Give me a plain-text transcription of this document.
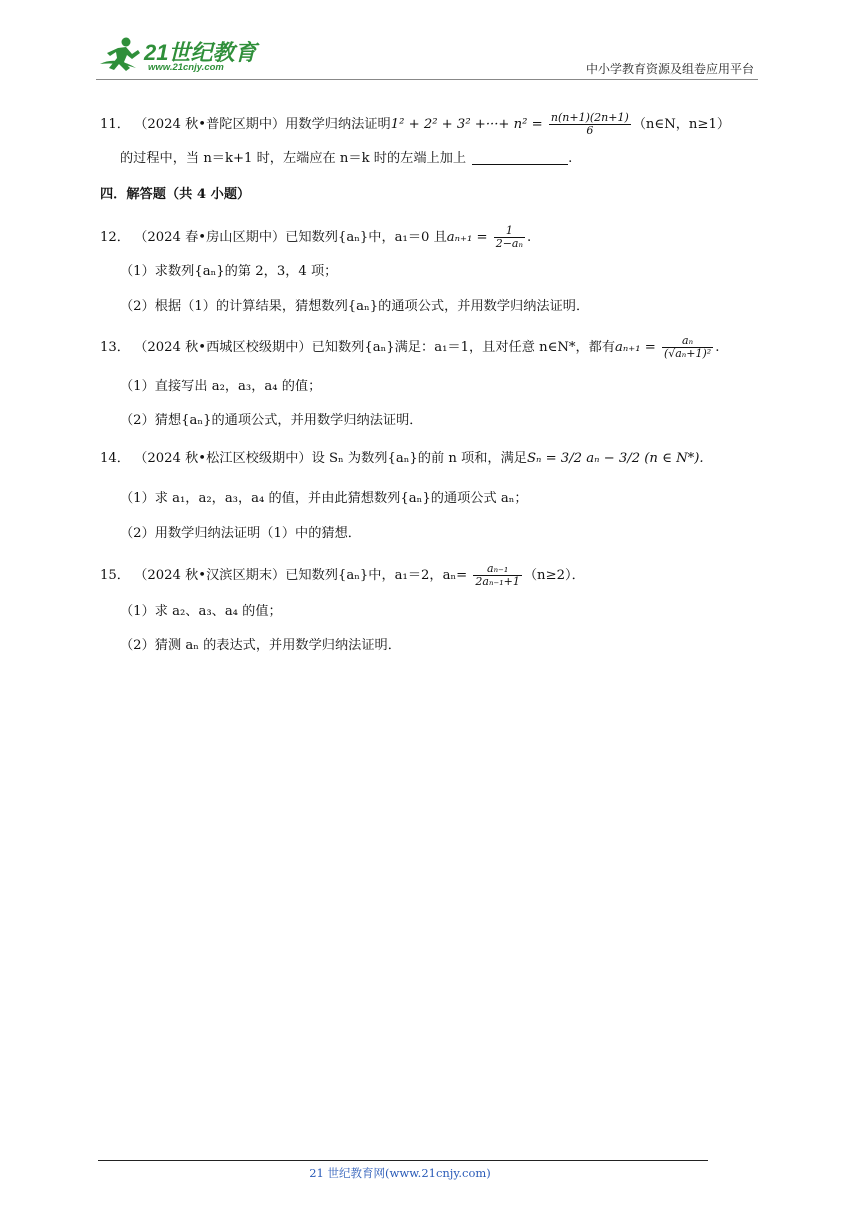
21世纪教育
www.21cnjy.com	中小学教育资源及组卷应用平台
11． （2024 秋•普陀区期中）用数学归纳法证明1² + 2² + 3² +···+ $n^2 = \frac{n(n+1)(2n+1)}{6}$ （n∈N，n≥1）
的过程中，当 n＝k+1 时，左端应在 n＝k 时的左端上加上	.
四．解答题（共 4 小题）
12． （2024 春•房山区期中）已知数列{aₙ}中，a₁＝0 且$a_{n+1} = \frac{1}{\text{2−aₙ}}$ .
（1）求数列{aₙ}的第 2，3，4 项；
（2）根据（1）的计算结果，猜想数列{aₙ}的通项公式，并用数学归纳法证明．
13． （2024 秋•西城区校级期中）已知数列{aₙ}满足：a₁＝1，且对任意 n∈N*，都有$a_{n+1} = \frac{\text{aₙ}}{\text{(√aₙ+1)²}}$ .
（1）直接写出 a₂，a₃，a₄ 的值；
（2）猜想{aₙ}的通项公式，并用数学归纳法证明．
14． （2024 秋•松江区校级期中）设 Sₙ 为数列{aₙ}的前 n 项和，满足Sₙ = 3/2 aₙ − 3/2 (n ∈ N*).
（1）求 a₁，a₂，a₃，a₄ 的值，并由此猜想数列{aₙ}的通项公式 aₙ；
（2）用数学归纳法证明（1）中的猜想．
15． （2024 秋•汉滨区期末）已知数列{aₙ}中，a₁＝2，$a_n= \frac{\text{aₙ₋₁}}{\text{2aₙ₋₁+1}} (n\ge 2)$．
（1）求 a₂、a₃、a₄ 的值；
（2）猜测 aₙ 的表达式，并用数学归纳法证明．
21 世纪教育网(www.21cnjy.com)
